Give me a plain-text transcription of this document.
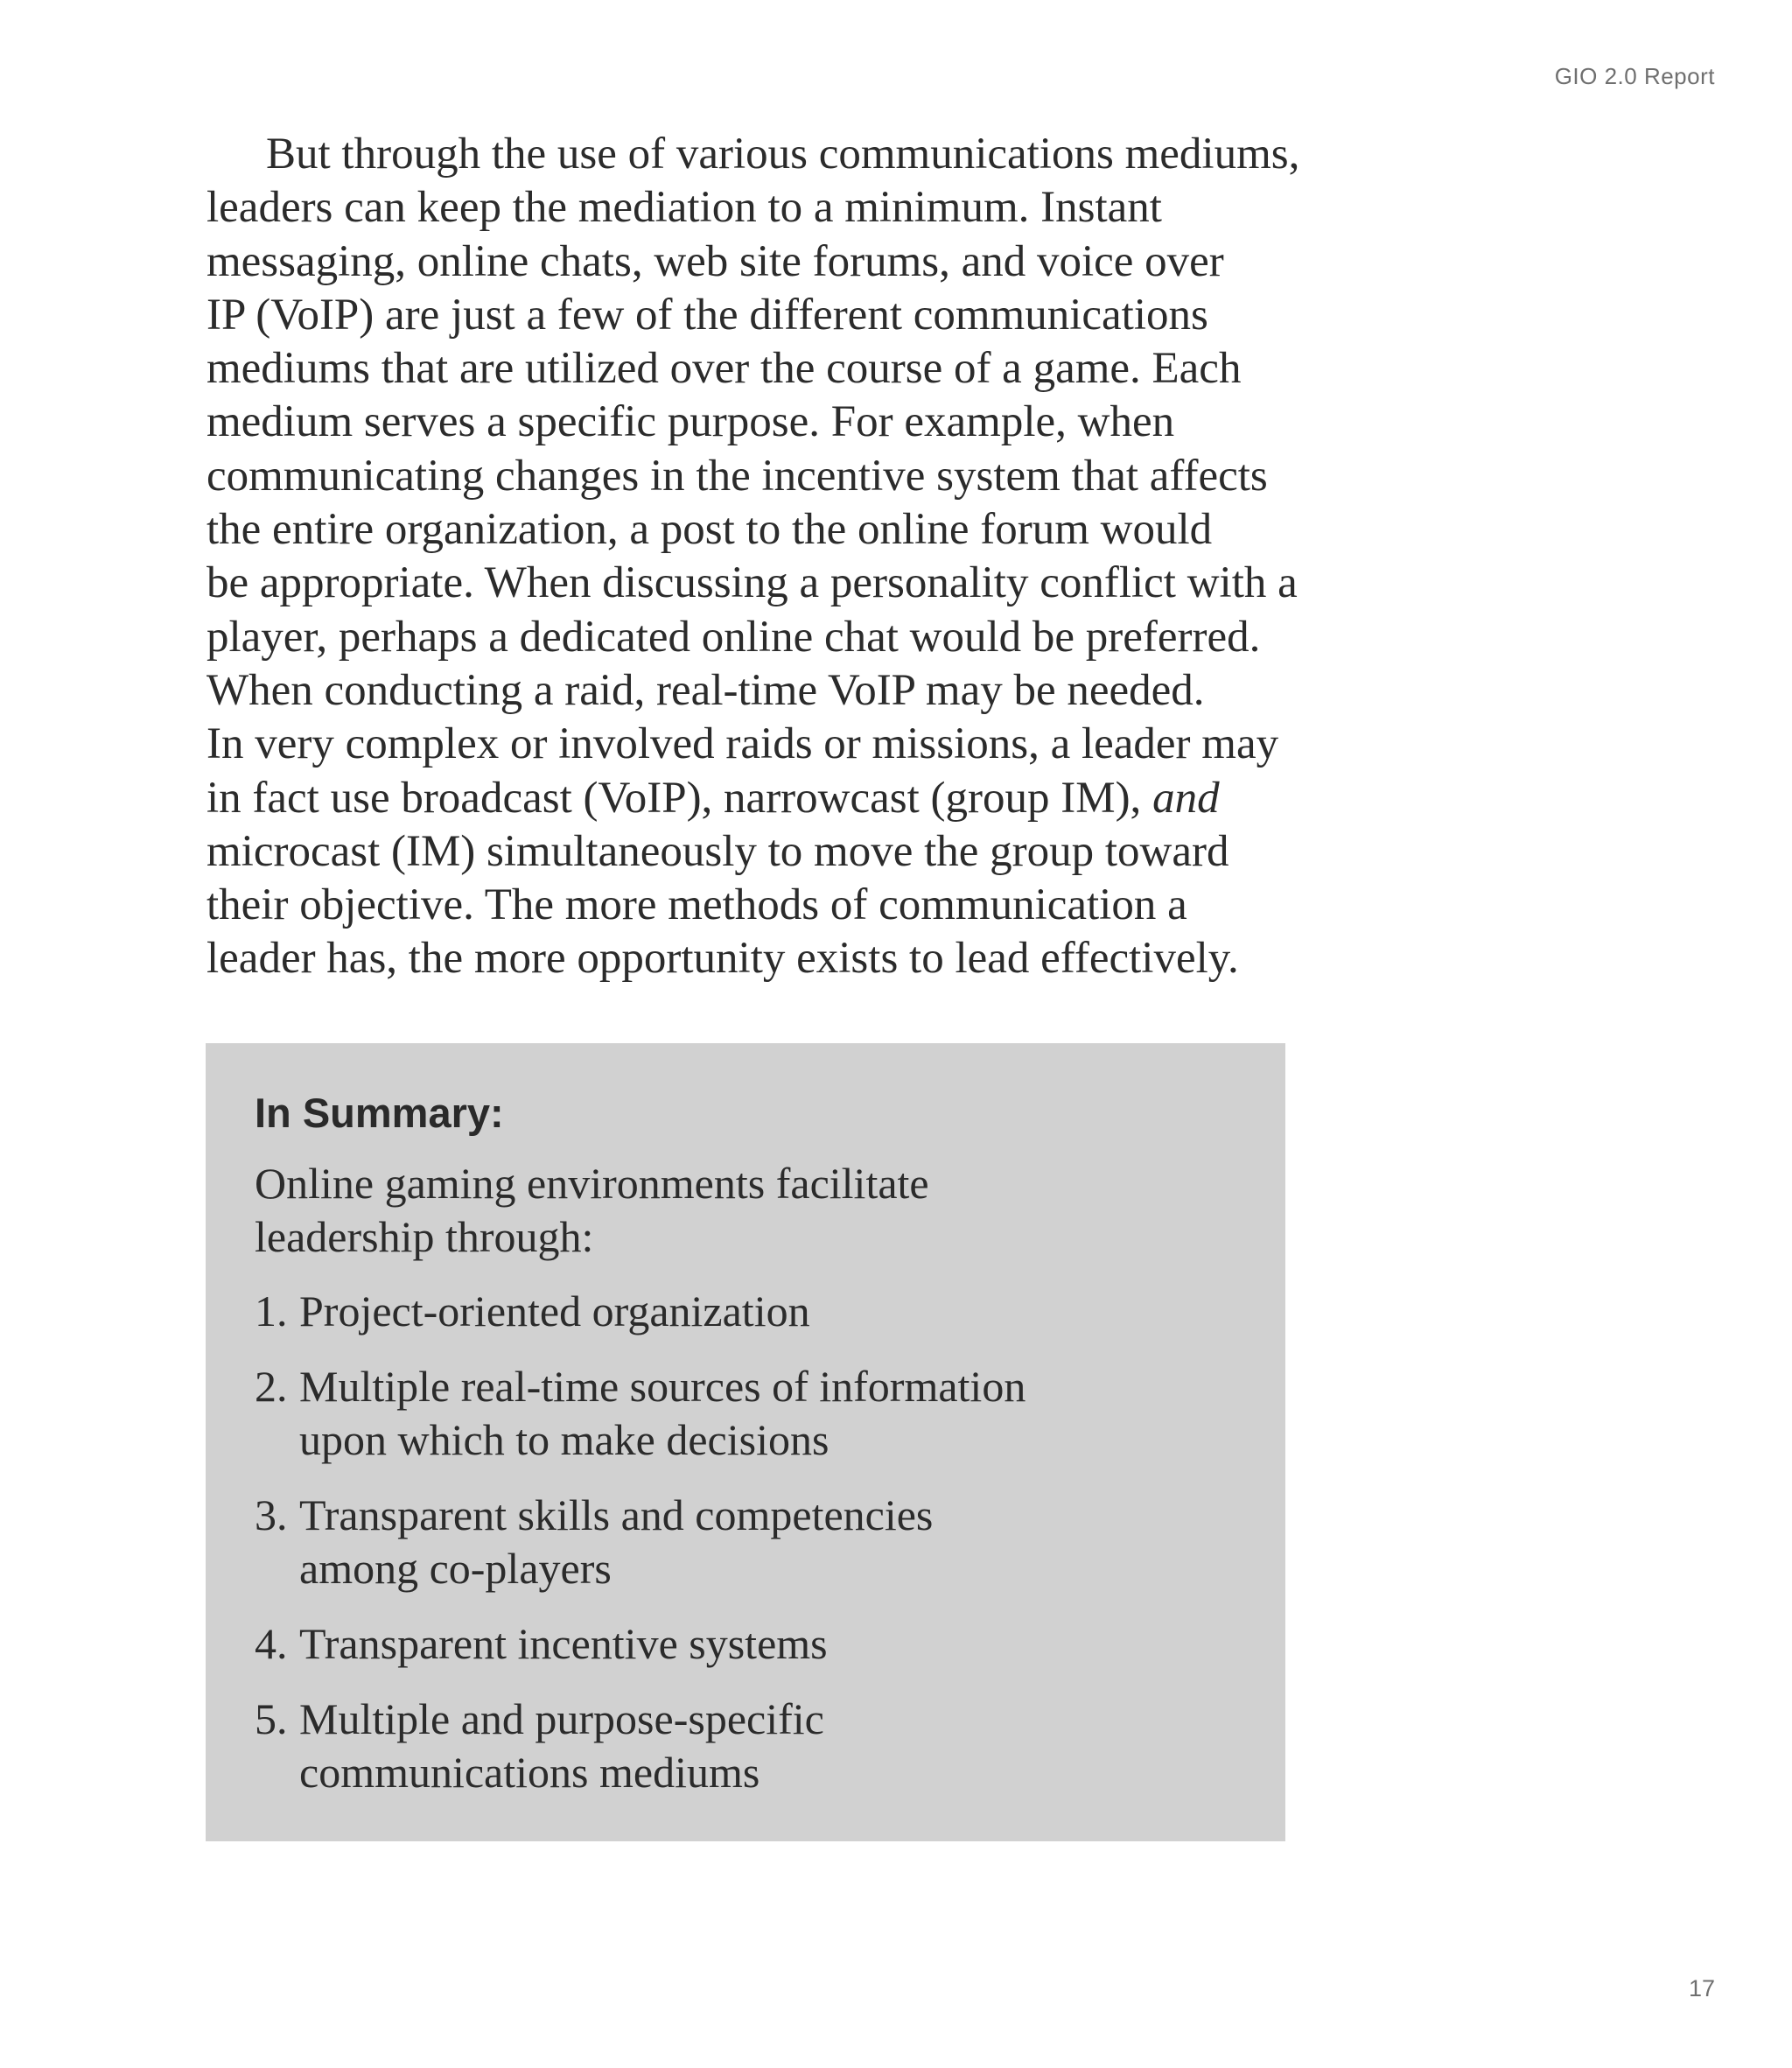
GIO 2.0 Report
But through the use of various communications mediums,
leaders can keep the mediation to a minimum. Instant
messaging, online chats, web site forums, and voice over
IP (VoIP) are just a few of the different communications
mediums that are utilized over the course of a game. Each
medium serves a specific purpose. For example, when
communicating changes in the incentive system that affects
the entire organization, a post to the online forum would
be appropriate. When discussing a personality conflict with a
player, perhaps a dedicated online chat would be preferred.
When conducting a raid, real-time VoIP may be needed.
In very complex or involved raids or missions, a leader may
in fact use broadcast (VoIP), narrowcast (group IM), and
microcast (IM) simultaneously to move the group toward
their objective. The more methods of communication a
leader has, the more opportunity exists to lead effectively.
In Summary:
Online gaming environments facilitate
leadership through:
1. Project-oriented organization
2. Multiple real-time sources of information
upon which to make decisions
3. Transparent skills and competencies
among co-players
4. Transparent incentive systems
5. Multiple and purpose-specific
communications mediums
17
